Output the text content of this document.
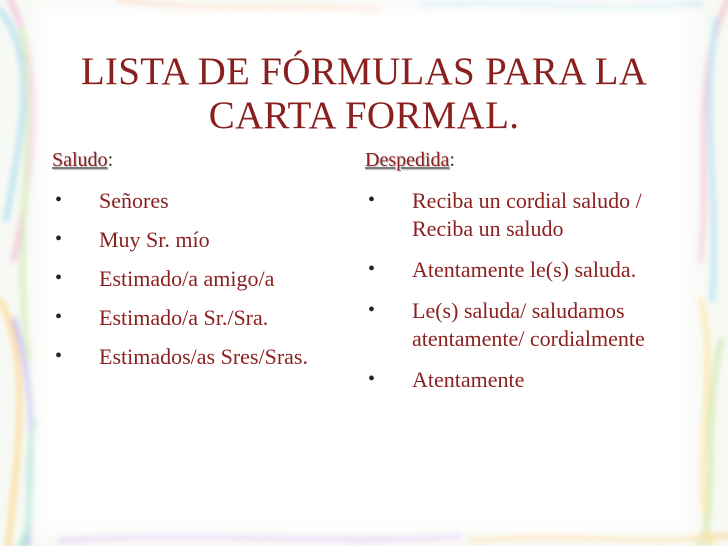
LISTA DE FÓRMULAS PARA LA CARTA FORMAL.
Saludo:
• Señores
• Muy Sr. mío
• Estimado/a amigo/a
• Estimado/a Sr./Sra.
• Estimados/as Sres/Sras.
Despedida:
• Reciba un cordial saludo / Reciba un saludo
• Atentamente le(s) saluda.
• Le(s) saluda/ saludamos atentamente/ cordialmente
• Atentamente
